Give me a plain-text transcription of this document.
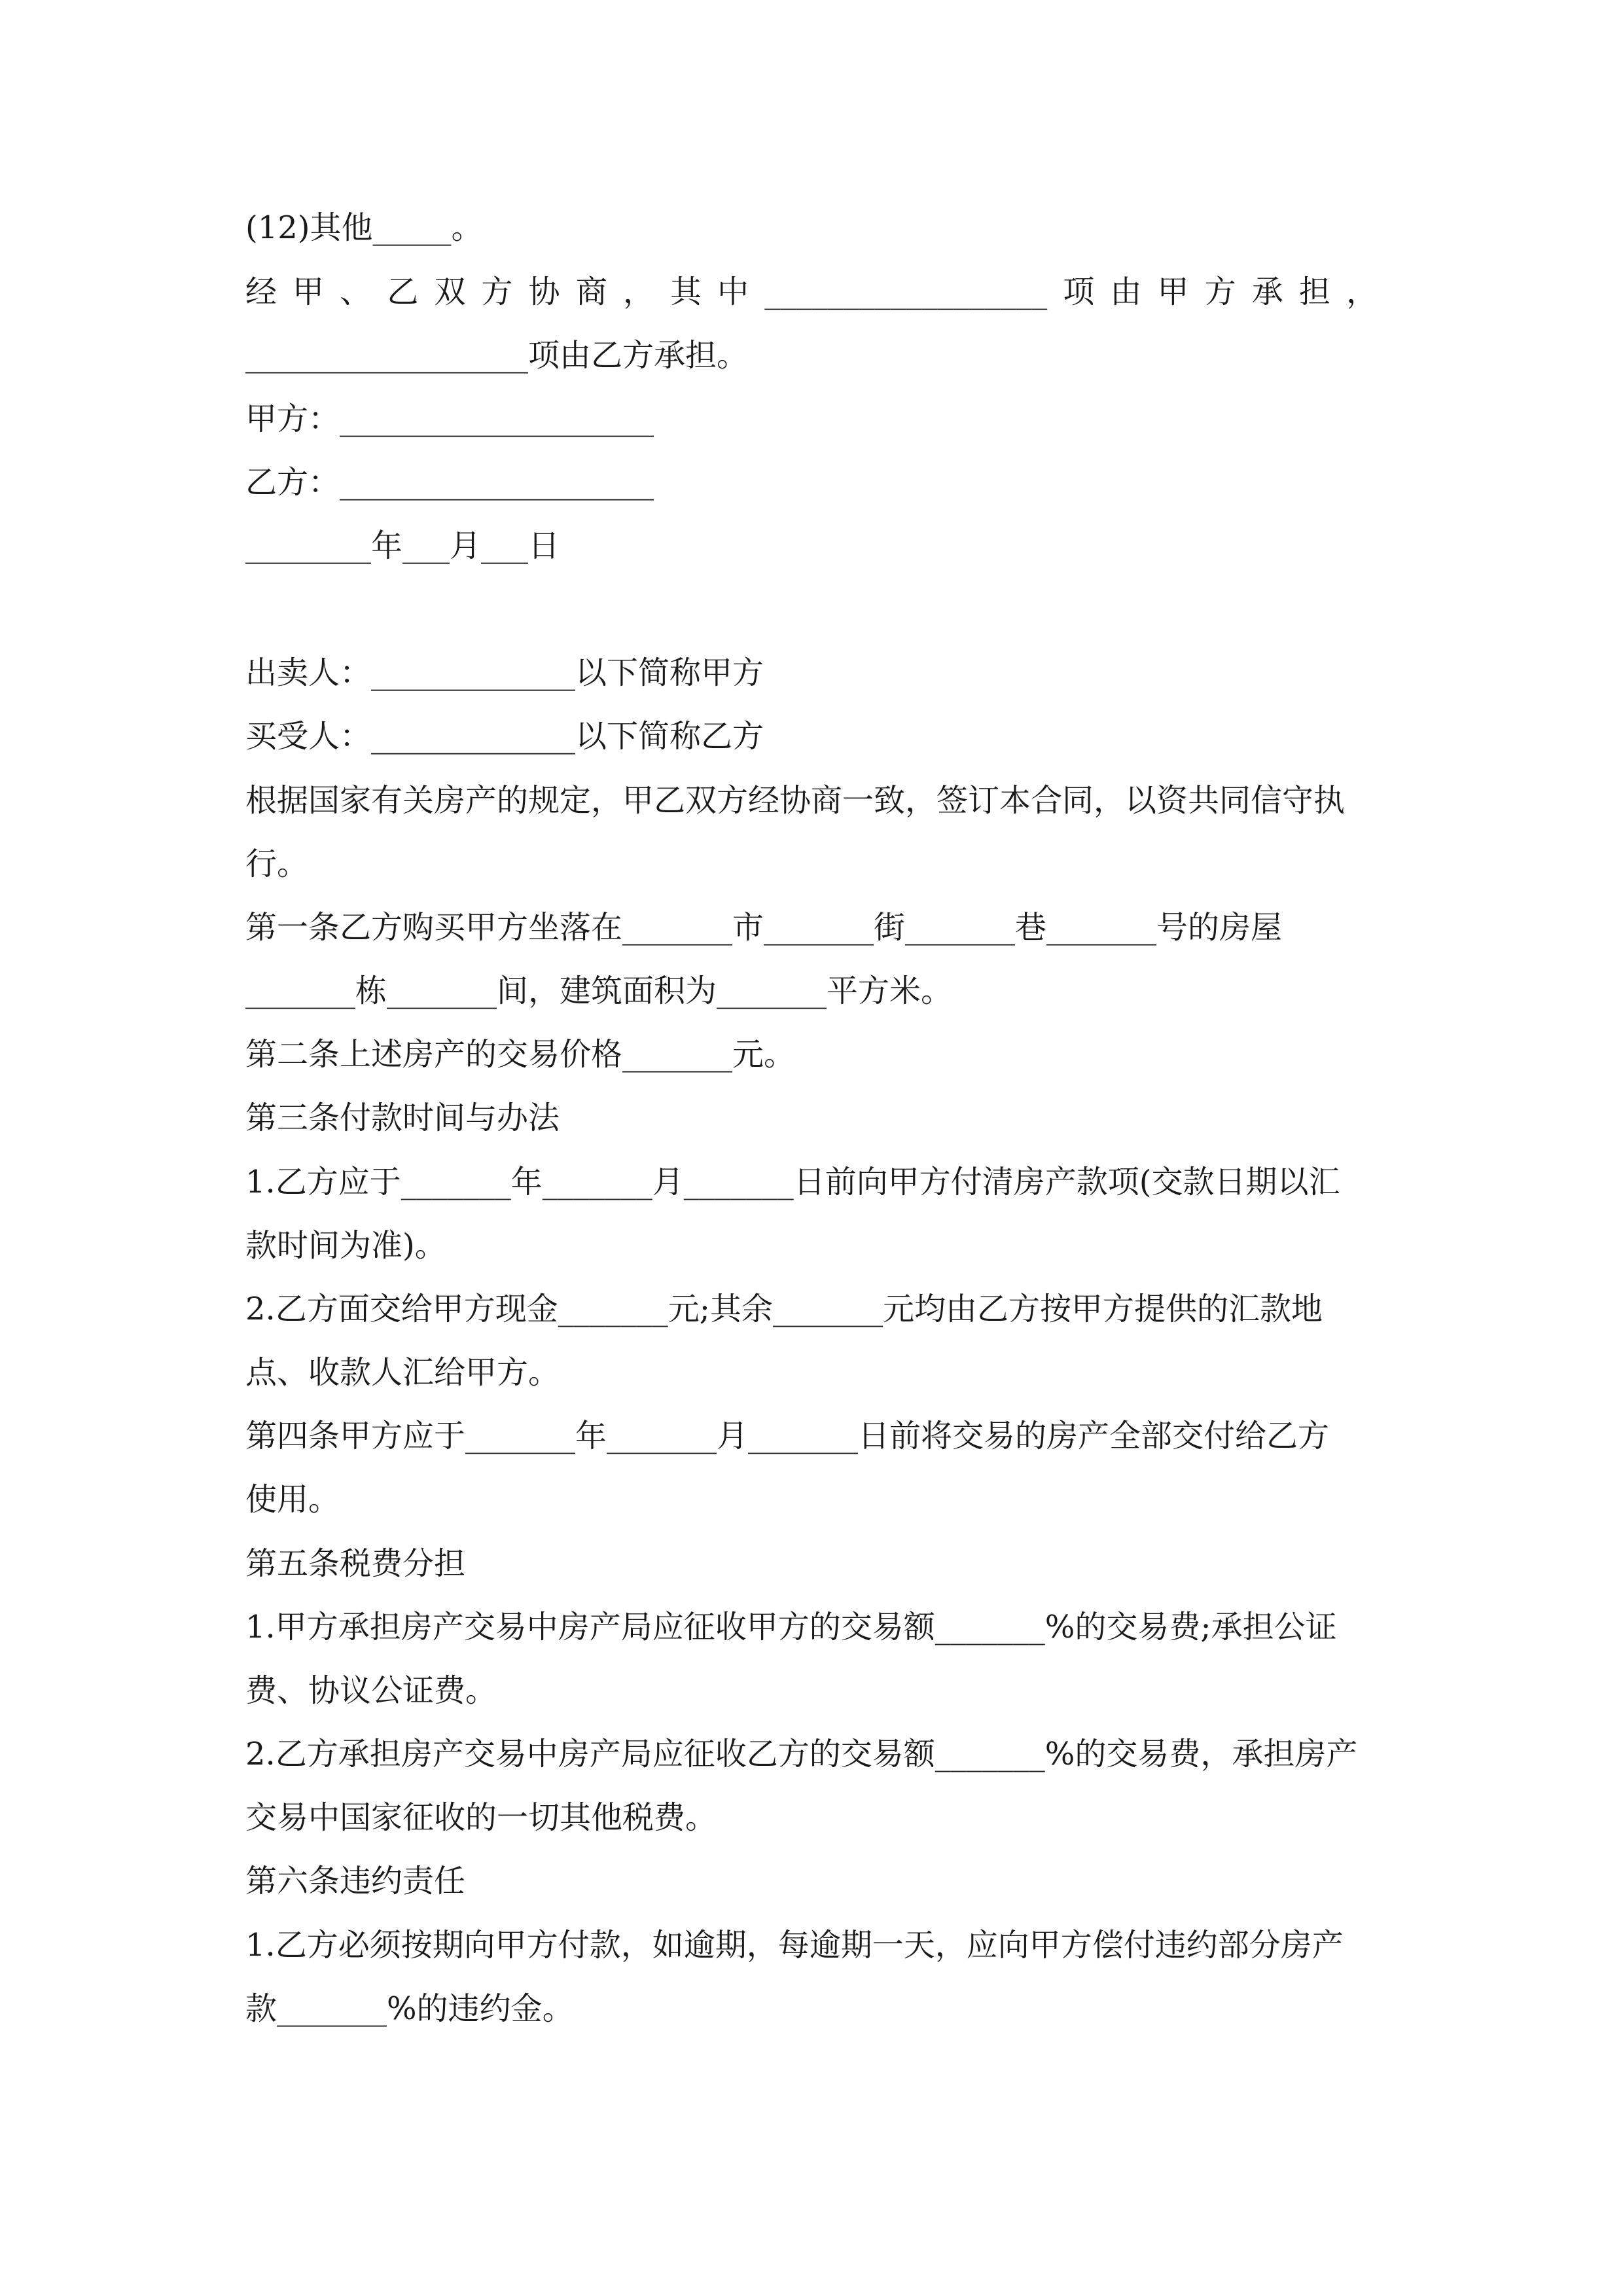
(12)其他_____。
经 甲 、 乙 双 方 协 商 ， 其 中 __________________ 项 由 甲 方 承 担 ，
__________________项由乙方承担。
甲方：____________________
乙方：____________________
________年___月___日
出卖人：_____________以下简称甲方
买受人：_____________以下简称乙方
根据国家有关房产的规定，甲乙双方经协商一致，签订本合同，以资共同信守执
行。
第一条乙方购买甲方坐落在_______市_______街_______巷_______号的房屋
_______栋_______间，建筑面积为_______平方米。
第二条上述房产的交易价格_______元。
第三条付款时间与办法
1.乙方应于_______年_______月_______日前向甲方付清房产款项(交款日期以汇
款时间为准)。
2.乙方面交给甲方现金_______元;其余_______元均由乙方按甲方提供的汇款地
点、收款人汇给甲方。
第四条甲方应于_______年_______月_______日前将交易的房产全部交付给乙方
使用。
第五条税费分担
1.甲方承担房产交易中房产局应征收甲方的交易额_______%的交易费;承担公证
费、协议公证费。
2.乙方承担房产交易中房产局应征收乙方的交易额_______%的交易费，承担房产
交易中国家征收的一切其他税费。
第六条违约责任
1.乙方必须按期向甲方付款，如逾期，每逾期一天，应向甲方偿付违约部分房产
款_______%的违约金。
